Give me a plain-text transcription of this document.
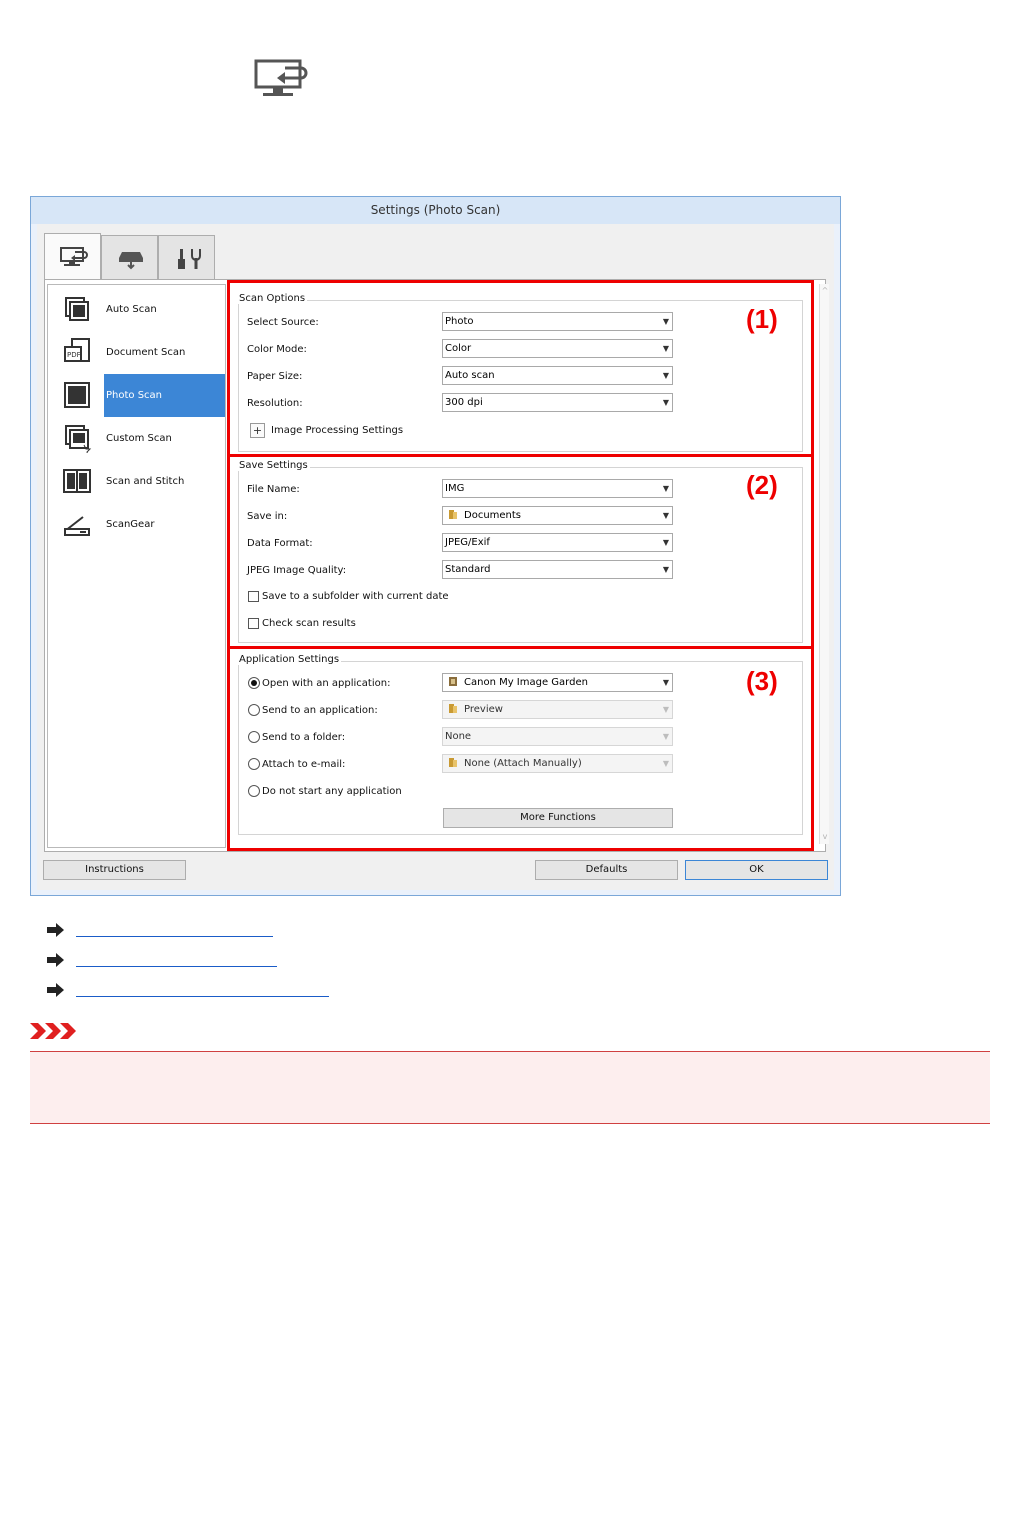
Settings (Photo Scan)
Auto Scan
PDF	Document Scan
Photo Scan
Custom Scan
Scan and Stitch
ScanGear
^
v
Scan Options
(1)
Select Source:	Photo	▼
Color Mode:	Color	▼
Paper Size:	Auto scan	▼
Resolution:	300 dpi	▼
+ Image Processing Settings
Save Settings
(2)
File Name:	IMG	▼
Save in:	Documents	▼
Data Format:	JPEG/Exif	▼
JPEG Image Quality:	Standard	▼
Save to a subfolder with current date
Check scan results
Application Settings
(3)
Open with an application:	Canon My Image Garden	▼
Send to an application:	Preview	▼
Send to a folder:	None	▼
Attach to e-mail:	None (Attach Manually)	▼
Do not start any application
More Functions
Instructions	Defaults	OK
